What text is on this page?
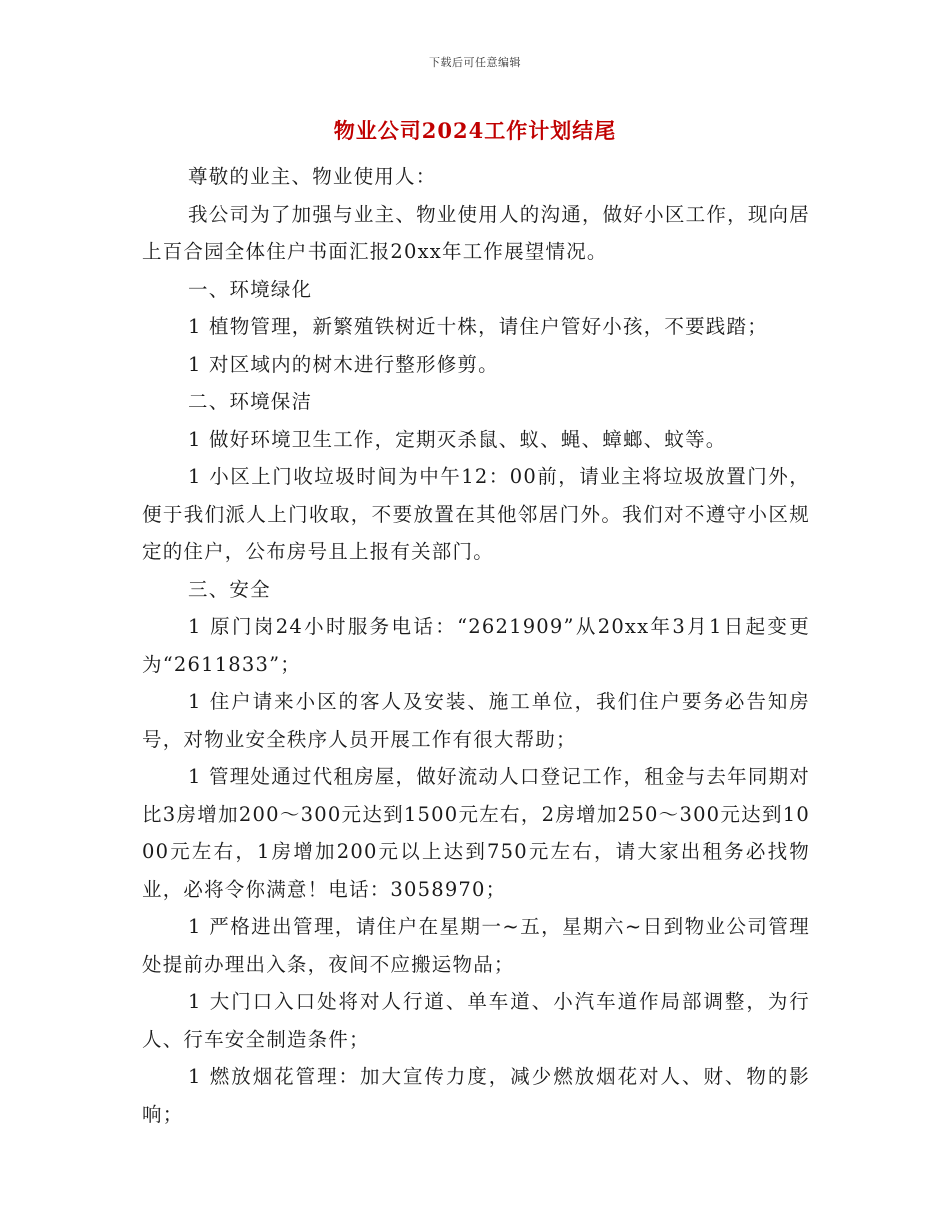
下载后可任意编辑
物业公司2024工作计划结尾

尊敬的业主、物业使用人：

我公司为了加强与业主、物业使用人的沟通，做好小区工作，现向居上百合园全体住户书面汇报20xx年工作展望情况。

一、环境绿化

1 植物管理，新繁殖铁树近十株，请住户管好小孩，不要践踏；

1 对区域内的树木进行整形修剪。

二、环境保洁

1 做好环境卫生工作，定期灭杀鼠、蚁、蝇、蟑螂、蚊等。

1 小区上门收垃圾时间为中午12：00前，请业主将垃圾放置门外，便于我们派人上门收取，不要放置在其他邻居门外。我们对不遵守小区规定的住户，公布房号且上报有关部门。

三、安全

1 原门岗24小时服务电话：“2621909”从20xx年3月1日起变更为“2611833”；

1 住户请来小区的客人及安装、施工单位，我们住户要务必告知房号，对物业安全秩序人员开展工作有很大帮助；

1 管理处通过代租房屋，做好流动人口登记工作，租金与去年同期对比3房增加200～300元达到1500元左右，2房增加250～300元达到1000元左右，1房增加200元以上达到750元左右，请大家出租务必找物业，必将令你满意！电话：3058970；

1 严格进出管理，请住户在星期一~五，星期六~日到物业公司管理处提前办理出入条，夜间不应搬运物品；

1 大门口入口处将对人行道、单车道、小汽车道作局部调整，为行人、行车安全制造条件；

1 燃放烟花管理：加大宣传力度，减少燃放烟花对人、财、物的影响；
